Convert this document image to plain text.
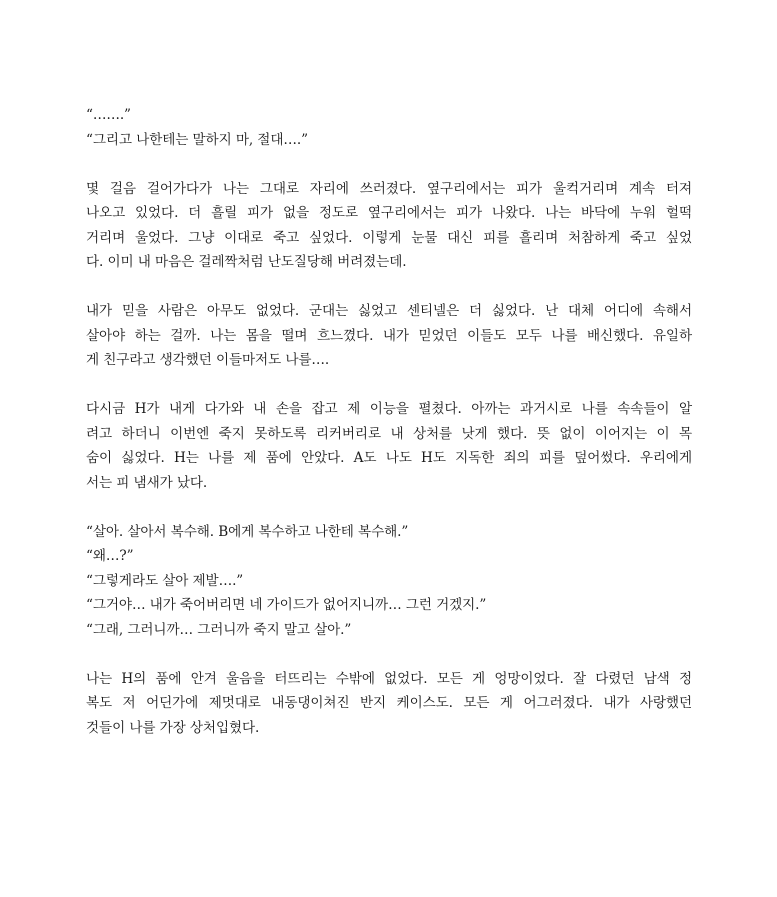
“…….”
“그리고 나한테는 말하지 마, 절대….”
몇 걸음 걸어가다가 나는 그대로 자리에 쓰러졌다. 옆구리에서는 피가 울컥거리며 계속 터져
나오고 있었다. 더 흘릴 피가 없을 정도로 옆구리에서는 피가 나왔다. 나는 바닥에 누워 헐떡
거리며 울었다. 그냥 이대로 죽고 싶었다. 이렇게 눈물 대신 피를 흘리며 처참하게 죽고 싶었
다. 이미 내 마음은 걸레짝처럼 난도질당해 버려졌는데.
내가 믿을 사람은 아무도 없었다. 군대는 싫었고 센티넬은 더 싫었다. 난 대체 어디에 속해서
살아야 하는 걸까. 나는 몸을 떨며 흐느꼈다. 내가 믿었던 이들도 모두 나를 배신했다. 유일하
게 친구라고 생각했던 이들마저도 나를….
다시금 H가 내게 다가와 내 손을 잡고 제 이능을 펼쳤다. 아까는 과거시로 나를 속속들이 알
려고 하더니 이번엔 죽지 못하도록 리커버리로 내 상처를 낫게 했다. 뜻 없이 이어지는 이 목
숨이 싫었다. H는 나를 제 품에 안았다. A도 나도 H도 지독한 죄의 피를 덮어썼다. 우리에게
서는 피 냄새가 났다.
“살아. 살아서 복수해. B에게 복수하고 나한테 복수해.”
“왜…?”
“그렇게라도 살아 제발….”
“그거야… 내가 죽어버리면 네 가이드가 없어지니까… 그런 거겠지.”
“그래, 그러니까… 그러니까 죽지 말고 살아.”
나는 H의 품에 안겨 울음을 터뜨리는 수밖에 없었다. 모든 게 엉망이었다. 잘 다렸던 남색 정
복도 저 어딘가에 제멋대로 내동댕이쳐진 반지 케이스도. 모든 게 어그러졌다. 내가 사랑했던
것들이 나를 가장 상처입혔다.
